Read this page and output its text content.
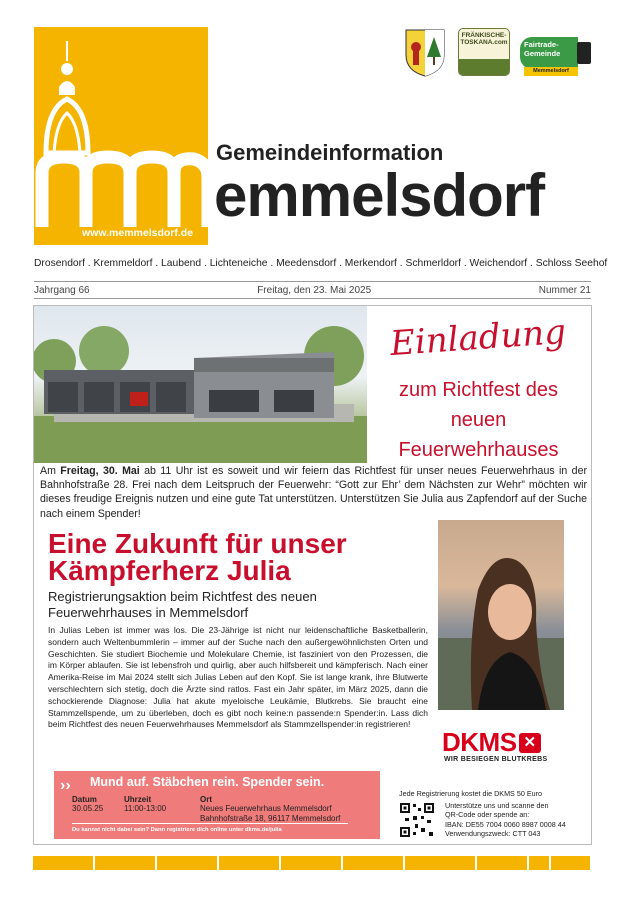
www.memmelsdorf.de
Gemeindeinformation
emmelsdorf
FRÄNKISCHE-TOSKANA.com Fairtrade-
Gemeinde
Memmelsdorf
Drosendorf . Kremmeldorf . Laubend . Lichteneiche . Meedensdorf . Merkendorf . Schmerldorf . Weichendorf . Schloss Seehof
Jahrgang 66	Freitag, den 23. Mai 2025	Nummer 21
Einladung
zum Richtfest des
neuen
Feuerwehrhauses
Am Freitag, 30. Mai ab 11 Uhr ist es soweit und wir feiern das Richtfest für unser neues Feuerwehrhaus in der Bahnhofstraße 28. Frei nach dem Leitspruch der Feuerwehr: “Gott zur Ehr’ dem Nächsten zur Wehr” möchten wir dieses freudige Ereignis nutzen und eine gute Tat unterstützen. Unterstützen Sie Julia aus Zapfendorf auf der Suche nach einem Spender!
Eine Zukunft für unser
Kämpferherz Julia
Registrierungsaktion beim Richtfest des neuen Feuerwehrhauses in Memmelsdorf
In Julias Leben ist immer was los. Die 23-Jährige ist nicht nur leidenschaftliche Basketballerin, sondern auch Weltenbummlerin – immer auf der Suche nach den außergewöhnlichsten Orten und Geschichten. Sie studiert Biochemie und Molekulare Chemie, ist fasziniert von den Prozessen, die im Körper ablaufen. Sie ist lebensfroh und quirlig, aber auch hilfsbereit und kämpferisch. Nach einer Amerika-Reise im Mai 2024 stellt sich Julias Leben auf den Kopf. Sie ist lange krank, ihre Blutwerte verschlechtern sich stetig, doch die Ärzte sind ratlos. Fast ein Jahr später, im März 2025, dann die schockierende Diagnose: Julia hat akute myeloische Leukämie, Blutkrebs. Sie braucht eine Stammzellspende, um zu überleben, doch es gibt noch keine:n passende:n Spender:in. Lass dich beim Richtfest des neuen Feuerwehrhauses Memmelsdorf als Stammzellspender:in registrieren!
DKMS ✕
WIR BESIEGEN BLUTKREBS
›› Mund auf. Stäbchen rein. Spender sein.
Datum
30.05.25
Uhrzeit
11:00-13:00
Ort
Neues Feuerwehrhaus Memmelsdorf
Bahnhofstraße 18, 96117 Memmelsdorf
Du kannst nicht dabei sein? Dann registriere dich online unter dkms.de/julia
Jede Registrierung kostet die DKMS 50 Euro
Unterstütze uns und scanne den
QR-Code oder spende an:
IBAN: DE55 7004 0060 8987 0008 44
Verwendungszweck: CTT 043
